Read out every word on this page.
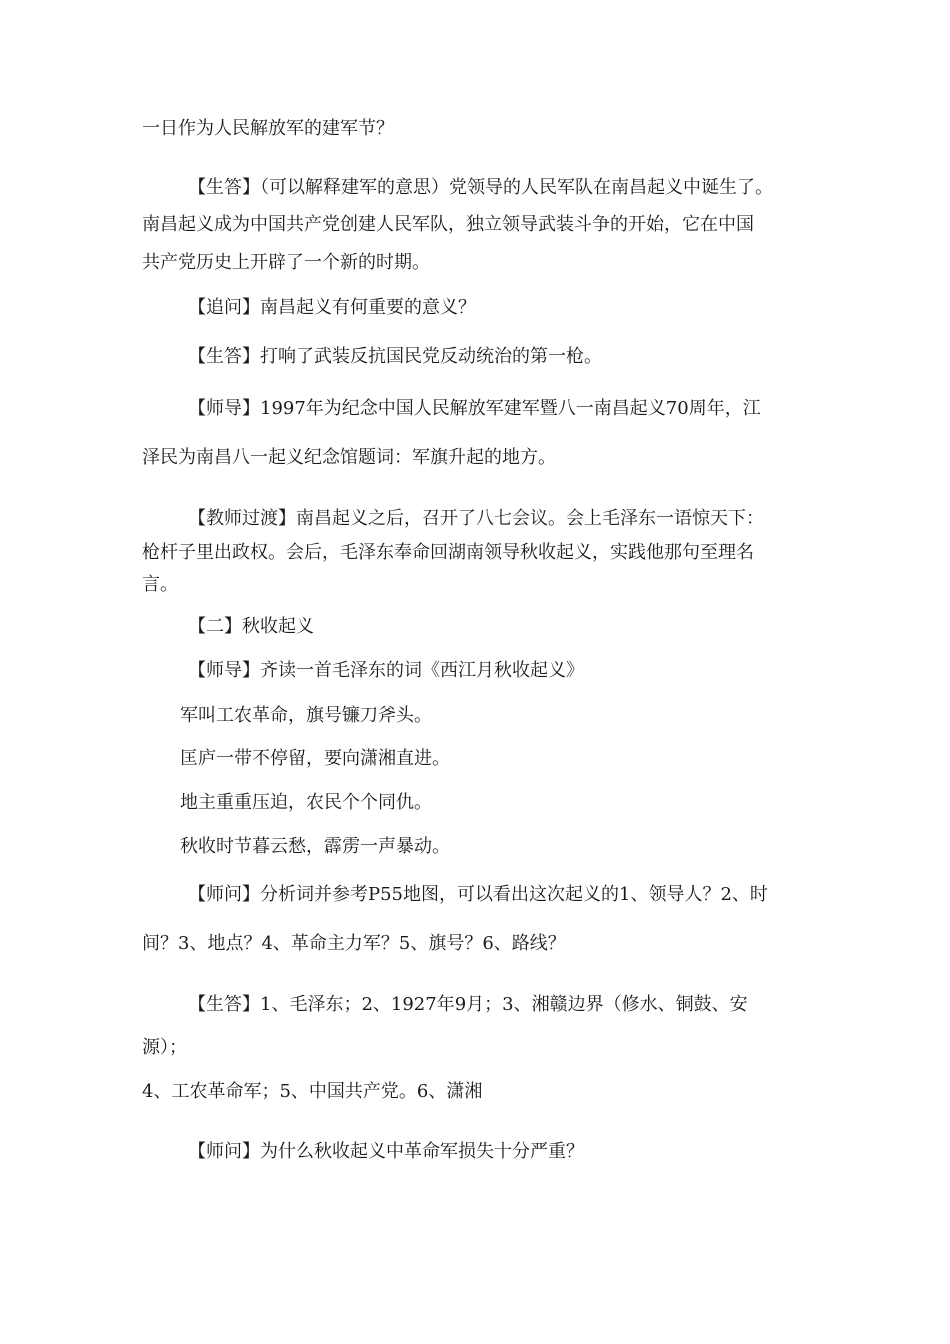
一日作为人民解放军的建军节？
【生答】（可以解释建军的意思）党领导的人民军队在南昌起义中诞生了。
南昌起义成为中国共产党创建人民军队，独立领导武装斗争的开始，它在中国
共产党历史上开辟了一个新的时期。
【追问】南昌起义有何重要的意义？
【生答】打响了武装反抗国民党反动统治的第一枪。
【师导】1997年为纪念中国人民解放军建军暨八一南昌起义70周年，江
泽民为南昌八一起义纪念馆题词：军旗升起的地方。
【教师过渡】南昌起义之后，召开了八七会议。会上毛泽东一语惊天下：
枪杆子里出政权。会后，毛泽东奉命回湖南领导秋收起义，实践他那句至理名
言。
【二】秋收起义
【师导】齐读一首毛泽东的词《西江月秋收起义》
军叫工农革命，旗号镰刀斧头。
匡庐一带不停留，要向潇湘直进。
地主重重压迫，农民个个同仇。
秋收时节暮云愁，霹雳一声暴动。
【师问】分析词并参考P55地图，可以看出这次起义的1、领导人？2、时
间？3、地点？4、革命主力军？5、旗号？6、路线？
【生答】1、毛泽东；2、1927年9月；3、湘赣边界（修水、铜鼓、安
源）；
4、工农革命军；5、中国共产党。6、潇湘
【师问】为什么秋收起义中革命军损失十分严重？
